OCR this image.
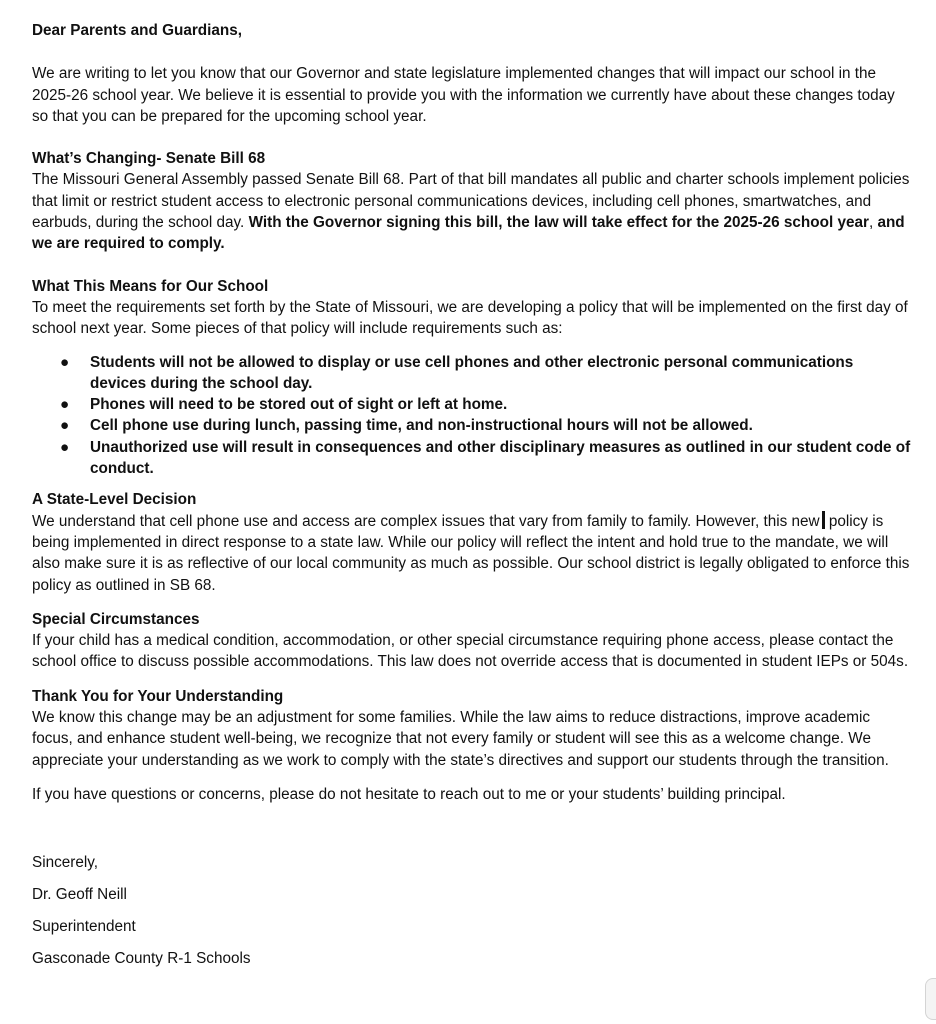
Dear Parents and Guardians,

We are writing to let you know that our Governor and state legislature implemented changes that will impact our school in the 2025-26 school year. We believe it is essential to provide you with the information we currently have about these changes today so that you can be prepared for the upcoming school year.

What’s Changing- Senate Bill 68

The Missouri General Assembly passed Senate Bill 68. Part of that bill mandates all public and charter schools implement policies that limit or restrict student access to electronic personal communications devices, including cell phones, smartwatches, and earbuds, during the school day. With the Governor signing this bill, the law will take effect for the 2025-26 school year, and we are required to comply.

What This Means for Our School

To meet the requirements set forth by the State of Missouri, we are developing a policy that will be implemented on the first day of school next year. Some pieces of that policy will include requirements such as:

● Students will not be allowed to display or use cell phones and other electronic personal communications devices during the school day.
● Phones will need to be stored out of sight or left at home.
● Cell phone use during lunch, passing time, and non-instructional hours will not be allowed.
● Unauthorized use will result in consequences and other disciplinary measures as outlined in our student code of conduct.

A State-Level Decision

We understand that cell phone use and access are complex issues that vary from family to family. However, this new policy is being implemented in direct response to a state law. While our policy will reflect the intent and hold true to the mandate, we will also make sure it is as reflective of our local community as much as possible. Our school district is legally obligated to enforce this policy as outlined in SB 68.

Special Circumstances

If your child has a medical condition, accommodation, or other special circumstance requiring phone access, please contact the school office to discuss possible accommodations. This law does not override access that is documented in student IEPs or 504s.

Thank You for Your Understanding

We know this change may be an adjustment for some families. While the law aims to reduce distractions, improve academic focus, and enhance student well-being, we recognize that not every family or student will see this as a welcome change. We appreciate your understanding as we work to comply with the state’s directives and support our students through the transition.

If you have questions or concerns, please do not hesitate to reach out to me or your students’ building principal.

Sincerely,

Dr. Geoff Neill

Superintendent

Gasconade County R-1 Schools
